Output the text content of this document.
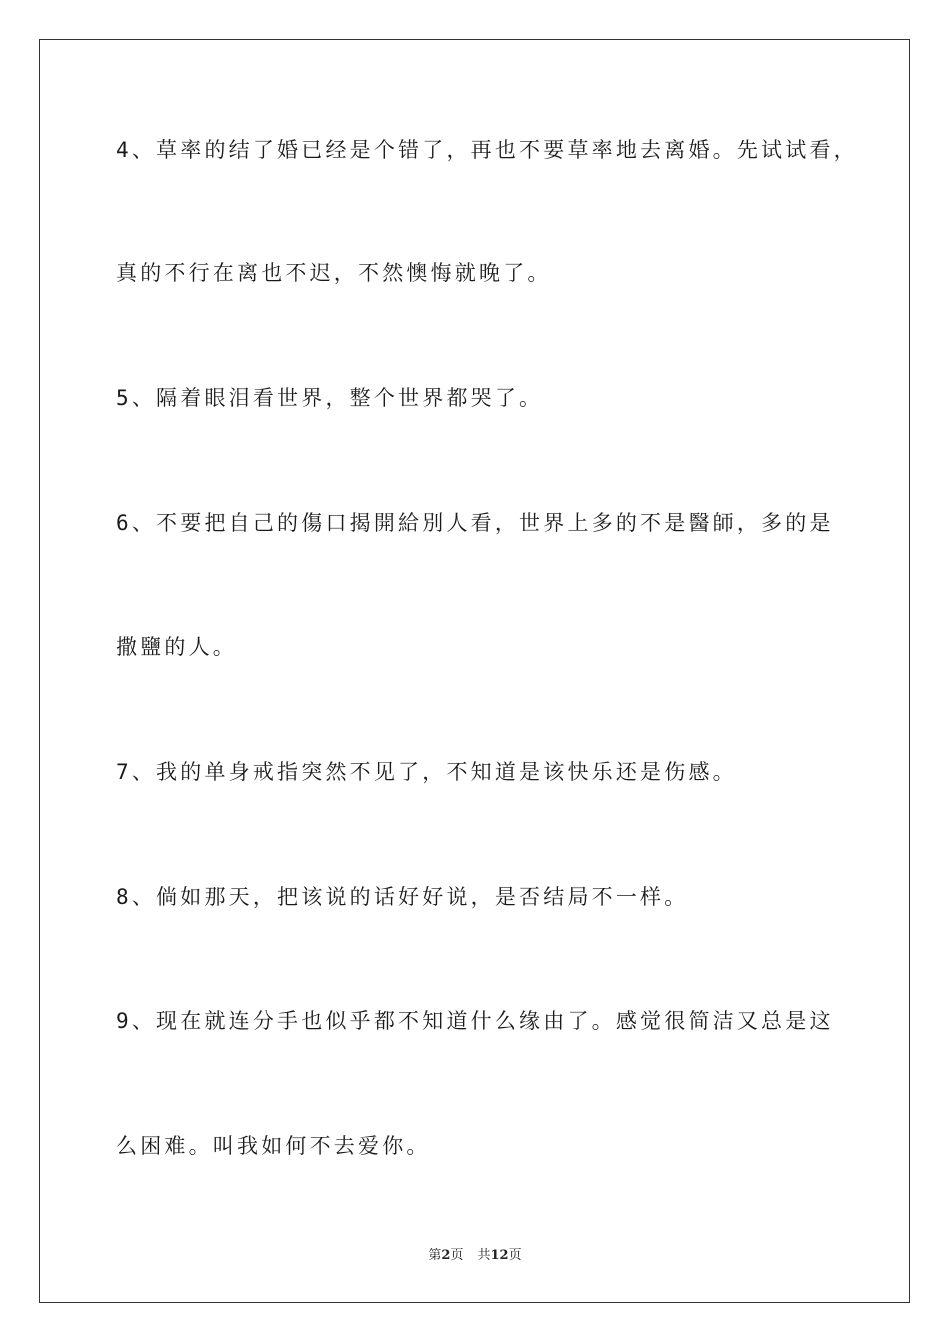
4、草率的结了婚已经是个错了，再也不要草率地去离婚。先试试看，
真的不行在离也不迟，不然懊悔就晚了。
5、隔着眼泪看世界，整个世界都哭了。
6、不要把自己的傷口揭開給別人看，世界上多的不是醫師，多的是
撒鹽的人。
7、我的单身戒指突然不见了，不知道是该快乐还是伤感。
8、倘如那天，把该说的话好好说，是否结局不一样。
9、现在就连分手也似乎都不知道什么缘由了。感觉很简洁又总是这
么困难。叫我如何不去爱你。
第2页 共12页
